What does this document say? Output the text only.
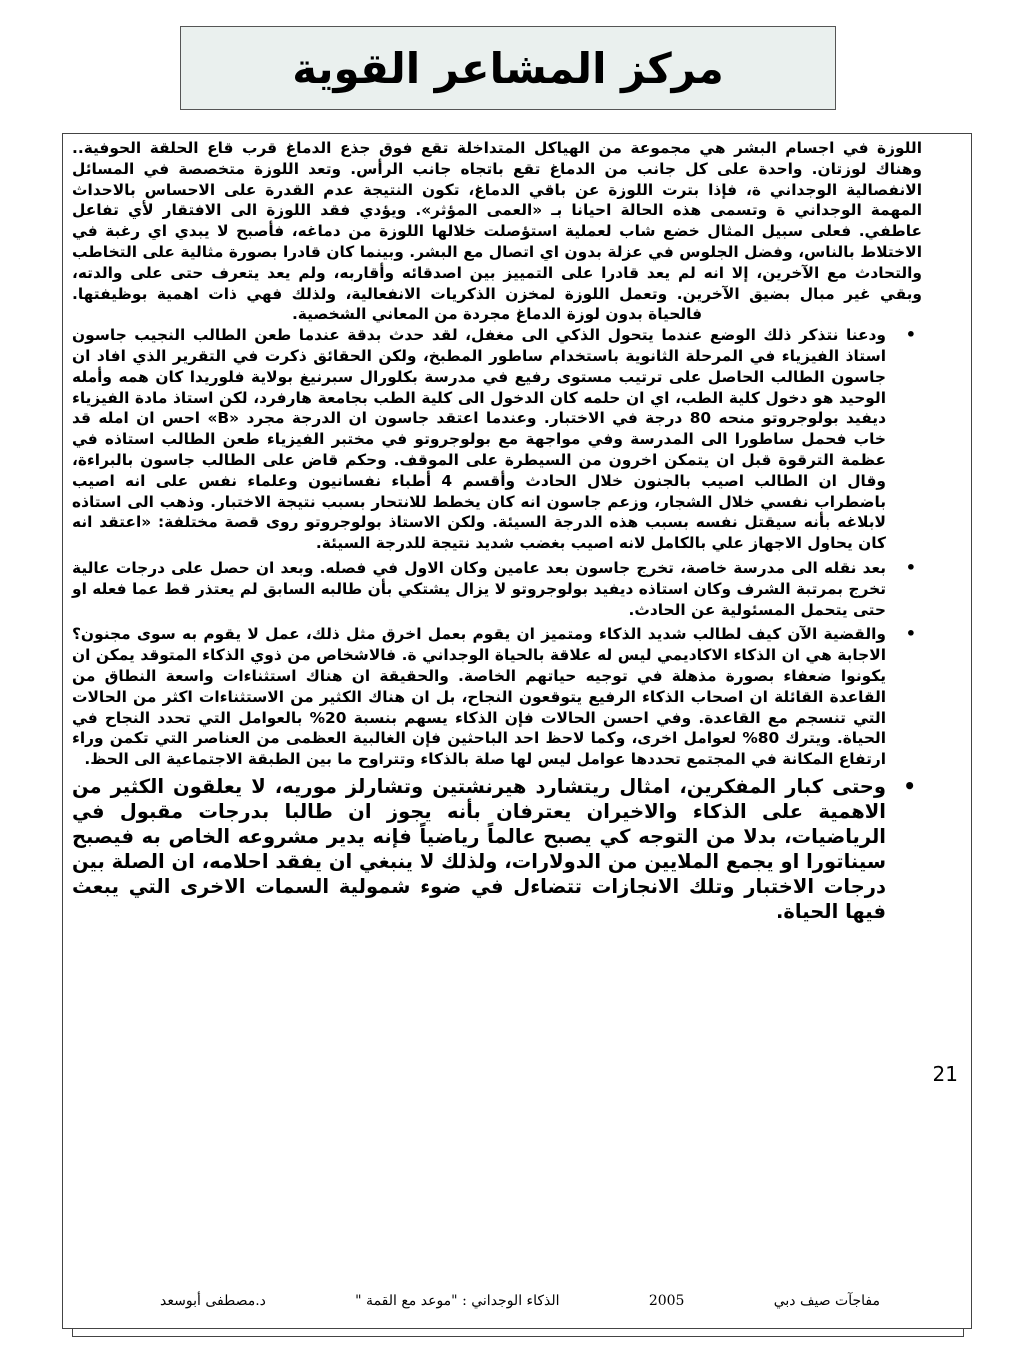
مركز المشاعر القوية

اللوزة في اجسام البشر هي مجموعة من الهياكل المتداخلة تقع فوق جذع الدماغ قرب قاع الحلقة الحوفية.. وهناك لوزتان. واحدة على كل جانب من الدماغ تقع باتجاه جانب الرأس. وتعد اللوزة متخصصة في المسائل الانفصالية الوجداني ة، فإذا بترت اللوزة عن باقي الدماغ، تكون النتيجة عدم القدرة على الاحساس بالاحداث المهمة الوجداني ة وتسمى هذه الحالة احيانا بـ «العمى المؤثر». ويؤدي فقد اللوزة الى الافتقار لأي تفاعل عاطفي. فعلى سبيل المثال خضع شاب لعملية استؤصلت خلالها اللوزة من دماغه، فأصبح لا يبدي اي رغبة في الاختلاط بالناس، وفضل الجلوس في عزلة بدون اي اتصال مع البشر. وبينما كان قادرا بصورة مثالية على التخاطب والتحادث مع الآخرين، إلا انه لم يعد قادرا على التمييز بين اصدقائه وأقاربه، ولم يعد يتعرف حتى على والدته، وبقي غير مبال بضيق الآخرين. وتعمل اللوزة لمخزن الذكريات الانفعالية، ولذلك فهي ذات اهمية بوظيفتها. فالحياة بدون لوزة الدماغ مجردة من المعاني الشخصية.

• ودعنا نتذكر ذلك الوضع عندما يتحول الذكي الى مغفل، لقد حدث بدقة عندما طعن الطالب النجيب جاسون استاذ الفيزياء في المرحلة الثانوية باستخدام ساطور المطبخ، ولكن الحقائق ذكرت في التقرير الذي افاد ان جاسون الطالب الحاصل على ترتيب مستوى رفيع في مدرسة بكلورال سبرنيغ بولاية فلوريدا كان همه وأمله الوحيد هو دخول كلية الطب، اي ان حلمه كان الدخول الى كلية الطب بجامعة هارفرد، لكن استاذ مادة الفيزياء ديفيد بولوجروتو منحه 80 درجة في الاختبار. وعندما اعتقد جاسون ان الدرجة مجرد «B» احس ان امله قد خاب فحمل ساطورا الى المدرسة وفي مواجهة مع بولوجروتو في مختبر الفيزياء طعن الطالب استاذه في عظمة الترقوة قبل ان يتمكن اخرون من السيطرة على الموقف. وحكم قاض على الطالب جاسون بالبراءة، وقال ان الطالب اصيب بالجنون خلال الحادث وأقسم 4 أطباء نفسانيون وعلماء نفس على انه اصيب باضطراب نفسي خلال الشجار، وزعم جاسون انه كان يخطط للانتحار بسبب نتيجة الاختبار. وذهب الى استاذه لابلاغه بأنه سيقتل نفسه بسبب هذه الدرجة السيئة. ولكن الاستاذ بولوجروتو روى قصة مختلفة: «اعتقد انه كان يحاول الاجهاز علي بالكامل لانه اصيب بغضب شديد نتيجة للدرجة السيئة.
• بعد نقله الى مدرسة خاصة، تخرج جاسون بعد عامين وكان الاول في فصله. وبعد ان حصل على درجات عالية تخرج بمرتبة الشرف وكان استاذه ديفيد بولوجروتو لا يزال يشتكي بأن طالبه السابق لم يعتذر قط عما فعله او حتى يتحمل المسئولية عن الحادث.
• والقضية الآن كيف لطالب شديد الذكاء ومتميز ان يقوم بعمل اخرق مثل ذلك، عمل لا يقوم به سوى مجنون؟ الاجابة هي ان الذكاء الاكاديمي ليس له علاقة بالحياة الوجداني ة. فالاشخاص من ذوي الذكاء المتوقد يمكن ان يكونوا ضعفاء بصورة مذهلة في توجيه حياتهم الخاصة. والحقيقة ان هناك استثناءات واسعة النطاق من القاعدة القائلة ان اصحاب الذكاء الرفيع يتوقعون النجاح، بل ان هناك الكثير من الاستثناءات اكثر من الحالات التي تنسجم مع القاعدة. وفي احسن الحالات فإن الذكاء يسهم بنسبة 20% بالعوامل التي تحدد النجاح في الحياة. ويترك 80% لعوامل اخرى، وكما لاحظ احد الباحثين فإن الغالبية العظمى من العناصر التي تكمن وراء ارتفاع المكانة في المجتمع تحددها عوامل ليس لها صلة بالذكاء وتتراوح ما بين الطبقة الاجتماعية الى الحظ.
• وحتى كبار المفكرين، امثال ريتشارد هيرنشتين وتشارلز موريه، لا يعلقون الكثير من الاهمية على الذكاء والاخيران يعترفان بأنه يجوز ان طالبا بدرجات مقبول في الرياضيات، بدلا من التوجه كي يصبح عالماً رياضياً فإنه يدير مشروعه الخاص به فيصبح سيناتورا او يجمع الملايين من الدولارات، ولذلك لا ينبغي ان يفقد احلامه، ان الصلة بين درجات الاختبار وتلك الانجازات تتضاءل في ضوء شمولية السمات الاخرى التي يبعث فيها الحياة.
21
مفاجآت صيف دبي
2005
الذكاء الوجداني : "موعد مع القمة "
د.مصطفى أبوسعد
